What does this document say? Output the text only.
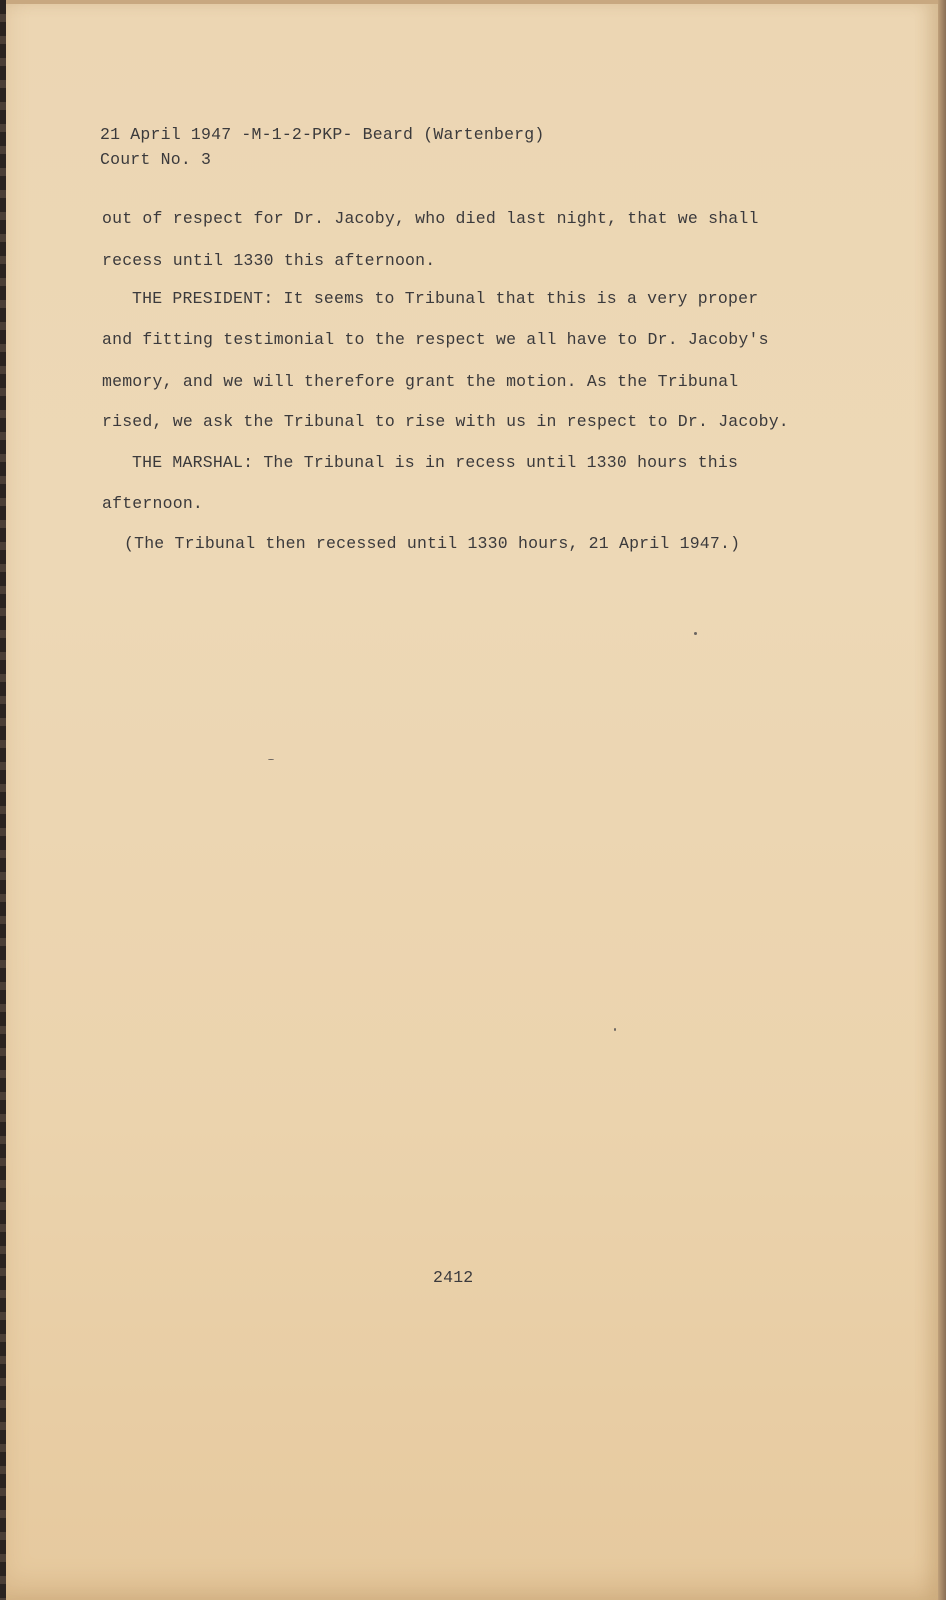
21 April 1947 -M-1-2-PKP- Beard (Wartenberg)

Court No. 3

out of respect for Dr. Jacoby, who died last night, that we shall

recess until 1330 this afternoon.

THE PRESIDENT: It seems to Tribunal that this is a very proper

and fitting testimonial to the respect we all have to Dr. Jacoby's

memory, and we will therefore grant the motion. As the Tribunal

rised, we ask the Tribunal to rise with us in respect to Dr. Jacoby.

THE MARSHAL: The Tribunal is in recess until 1330 hours this

afternoon.

(The Tribunal then recessed until 1330 hours, 21 April 1947.)

2412
